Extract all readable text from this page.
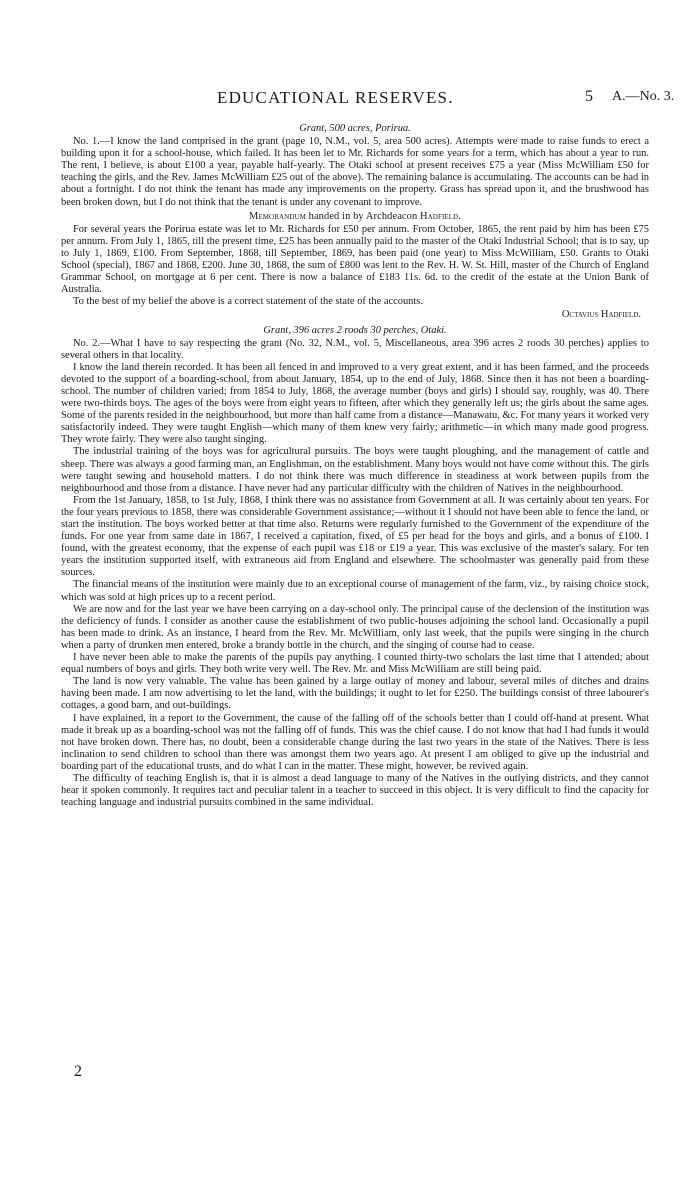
EDUCATIONAL RESERVES.	5 A.—No. 3.
Grant, 500 acres, Porirua.

No. 1.—I know the land comprised in the grant (page 10, N.M., vol. 5, area 500 acres). Attempts were made to raise funds to erect a building upon it for a school-house, which failed. It has been let to Mr. Richards for some years for a term, which has about a year to run. The rent, I believe, is about £100 a year, payable half-yearly. The Otaki school at present receives £75 a year (Miss McWilliam £50 for teaching the girls, and the Rev. James McWilliam £25 out of the above). The remaining balance is accumulating. The accounts can be had in about a fortnight. I do not think the tenant has made any improvements on the property. Grass has spread upon it, and the brushwood has been broken down, but I do not think that the tenant is under any covenant to improve.

Memorandum handed in by Archdeacon Hadfield.

For several years the Porirua estate was let to Mr. Richards for £50 per annum. From October, 1865, the rent paid by him has been £75 per annum. From July 1, 1865, till the present time, £25 has been annually paid to the master of the Otaki Industrial School; that is to say, up to July 1, 1869, £100. From September, 1868, till September, 1869, has been paid (one year) to Miss McWilliam, £50. Grants to Otaki School (special), 1867 and 1868, £200. June 30, 1868, the sum of £800 was lent to the Rev. H. W. St. Hill, master of the Church of England Grammar School, on mortgage at 6 per cent. There is now a balance of £183 11s. 6d. to the credit of the estate at the Union Bank of Australia.

To the best of my belief the above is a correct statement of the state of the accounts.

Octavius Hadfield.
Grant, 396 acres 2 roods 30 perches, Otaki.

No. 2.—What I have to say respecting the grant (No. 32, N.M., vol. 5, Miscellaneous, area 396 acres 2 roods 30 perches) applies to several others in that locality.

I know the land therein recorded. It has been all fenced in and improved to a very great extent, and it has been farmed, and the proceeds devoted to the support of a boarding-school, from about January, 1854, up to the end of July, 1868. Since then it has not been a boarding-school. The number of children varied; from 1854 to July, 1868, the average number (boys and girls) I should say, roughly, was 40. There were two-thirds boys. The ages of the boys were from eight years to fifteen, after which they generally left us; the girls about the same ages. Some of the parents resided in the neighbourhood, but more than half came from a distance—Manawatu, &c. For many years it worked very satisfactorily indeed. They were taught English—which many of them knew very fairly; arithmetic—in which many made good progress. They wrote fairly. They were also taught singing.

The industrial training of the boys was for agricultural pursuits. The boys were taught ploughing, and the management of cattle and sheep. There was always a good farming man, an Englishman, on the establishment. Many boys would not have come without this. The girls were taught sewing and household matters. I do not think there was much difference in steadiness at work between pupils from the neighbourhood and those from a distance. I have never had any particular difficulty with the children of Natives in the neighbourhood.

From the 1st January, 1858, to 1st July, 1868, I think there was no assistance from Government at all. It was certainly about ten years. For the four years previous to 1858, there was considerable Government assistance;—without it I should not have been able to fence the land, or start the institution. The boys worked better at that time also. Returns were regularly furnished to the Government of the expenditure of the funds. For one year from same date in 1867, I received a capitation, fixed, of £5 per head for the boys and girls, and a bonus of £100. I found, with the greatest economy, that the expense of each pupil was £18 or £19 a year. This was exclusive of the master's salary. For ten years the institution supported itself, with extraneous aid from England and elsewhere. The schoolmaster was generally paid from these sources.

The financial means of the institution were mainly due to an exceptional course of management of the farm, viz., by raising choice stock, which was sold at high prices up to a recent period.

We are now and for the last year we have been carrying on a day-school only. The principal cause of the declension of the institution was the deficiency of funds. I consider as another cause the establishment of two public-houses adjoining the school land. Occasionally a pupil has been made to drink. As an instance, I heard from the Rev. Mr. McWilliam, only last week, that the pupils were singing in the church when a party of drunken men entered, broke a brandy bottle in the church, and the singing of course had to cease.

I have never been able to make the parents of the pupils pay anything. I counted thirty-two scholars the last time that I attended; about equal numbers of boys and girls. They both write very well. The Rev. Mr. and Miss McWilliam are still being paid.

The land is now very valuable. The value has been gained by a large outlay of money and labour, several miles of ditches and drains having been made. I am now advertising to let the land, with the buildings; it ought to let for £250. The buildings consist of three labourer's cottages, a good barn, and out-buildings.

I have explained, in a report to the Government, the cause of the falling off of the schools better than I could off-hand at present. What made it break up as a boarding-school was not the falling off of funds. This was the chief cause. I do not know that had I had funds it would not have broken down. There has, no doubt, been a considerable change during the last two years in the state of the Natives. There is less inclination to send children to school than there was amongst them two years ago. At present I am obliged to give up the industrial and boarding part of the educational trusts, and do what I can in the matter. These might, however, be revived again.

The difficulty of teaching English is, that it is almost a dead language to many of the Natives in the outlying districts, and they cannot hear it spoken commonly. It requires tact and peculiar talent in a teacher to succeed in this object. It is very difficult to find the capacity for teaching language and industrial pursuits combined in the same individual.

2
